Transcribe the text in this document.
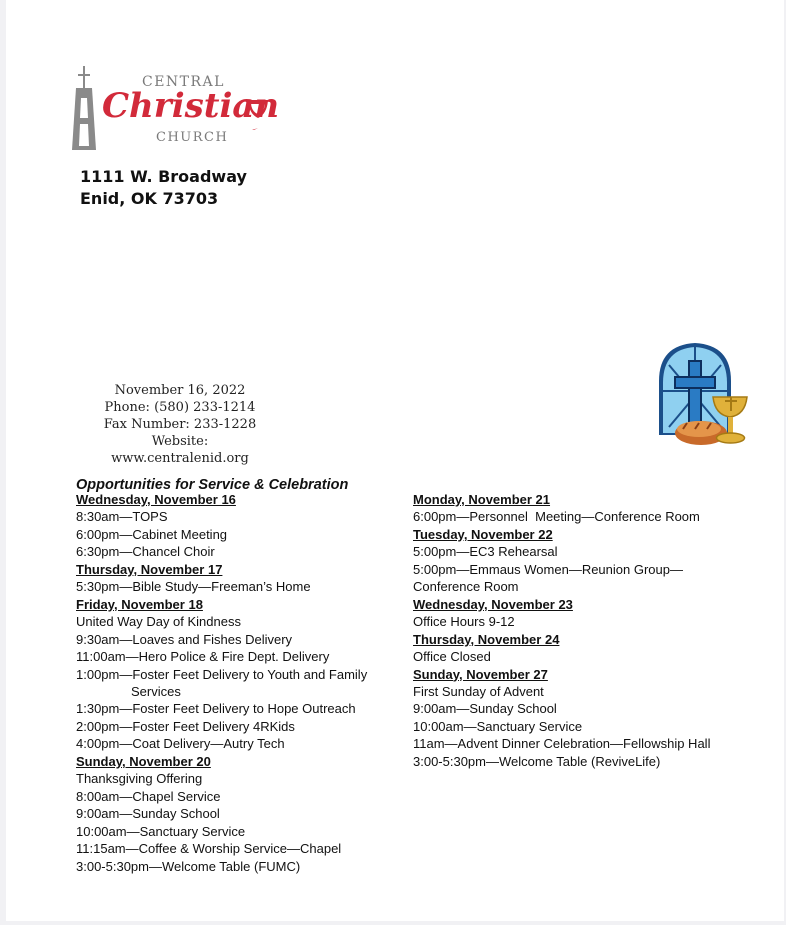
CENTRAL
Christian
CHURCH
1111 W. Broadway
Enid, OK 73703
November 16, 2022
Phone: (580) 233-1214
Fax Number: 233-1228
Website: www.centralenid.org
Opportunities for Service & Celebration
Wednesday, November 16
8:30am—TOPS
6:00pm—Cabinet Meeting
6:30pm—Chancel Choir
Thursday, November 17
5:30pm—Bible Study—Freeman’s Home
Friday, November 18
United Way Day of Kindness
9:30am—Loaves and Fishes Delivery
11:00am—Hero Police & Fire Dept. Delivery
1:00pm—Foster Feet Delivery to Youth and Family
Services
1:30pm—Foster Feet Delivery to Hope Outreach
2:00pm—Foster Feet Delivery 4RKids
4:00pm—Coat Delivery—Autry Tech
Sunday, November 20
Thanksgiving Offering
8:00am—Chapel Service
9:00am—Sunday School
10:00am—Sanctuary Service
11:15am—Coffee & Worship Service—Chapel
3:00-5:30pm—Welcome Table (FUMC)
Monday, November 21
6:00pm—Personnel  Meeting—Conference Room
Tuesday, November 22
5:00pm—EC3 Rehearsal
5:00pm—Emmaus Women—Reunion Group—
Conference Room
Wednesday, November 23
Office Hours 9-12
Thursday, November 24
Office Closed
Sunday, November 27
First Sunday of Advent
9:00am—Sunday School
10:00am—Sanctuary Service
11am—Advent Dinner Celebration—Fellowship Hall
3:00-5:30pm—Welcome Table (ReviveLife)
